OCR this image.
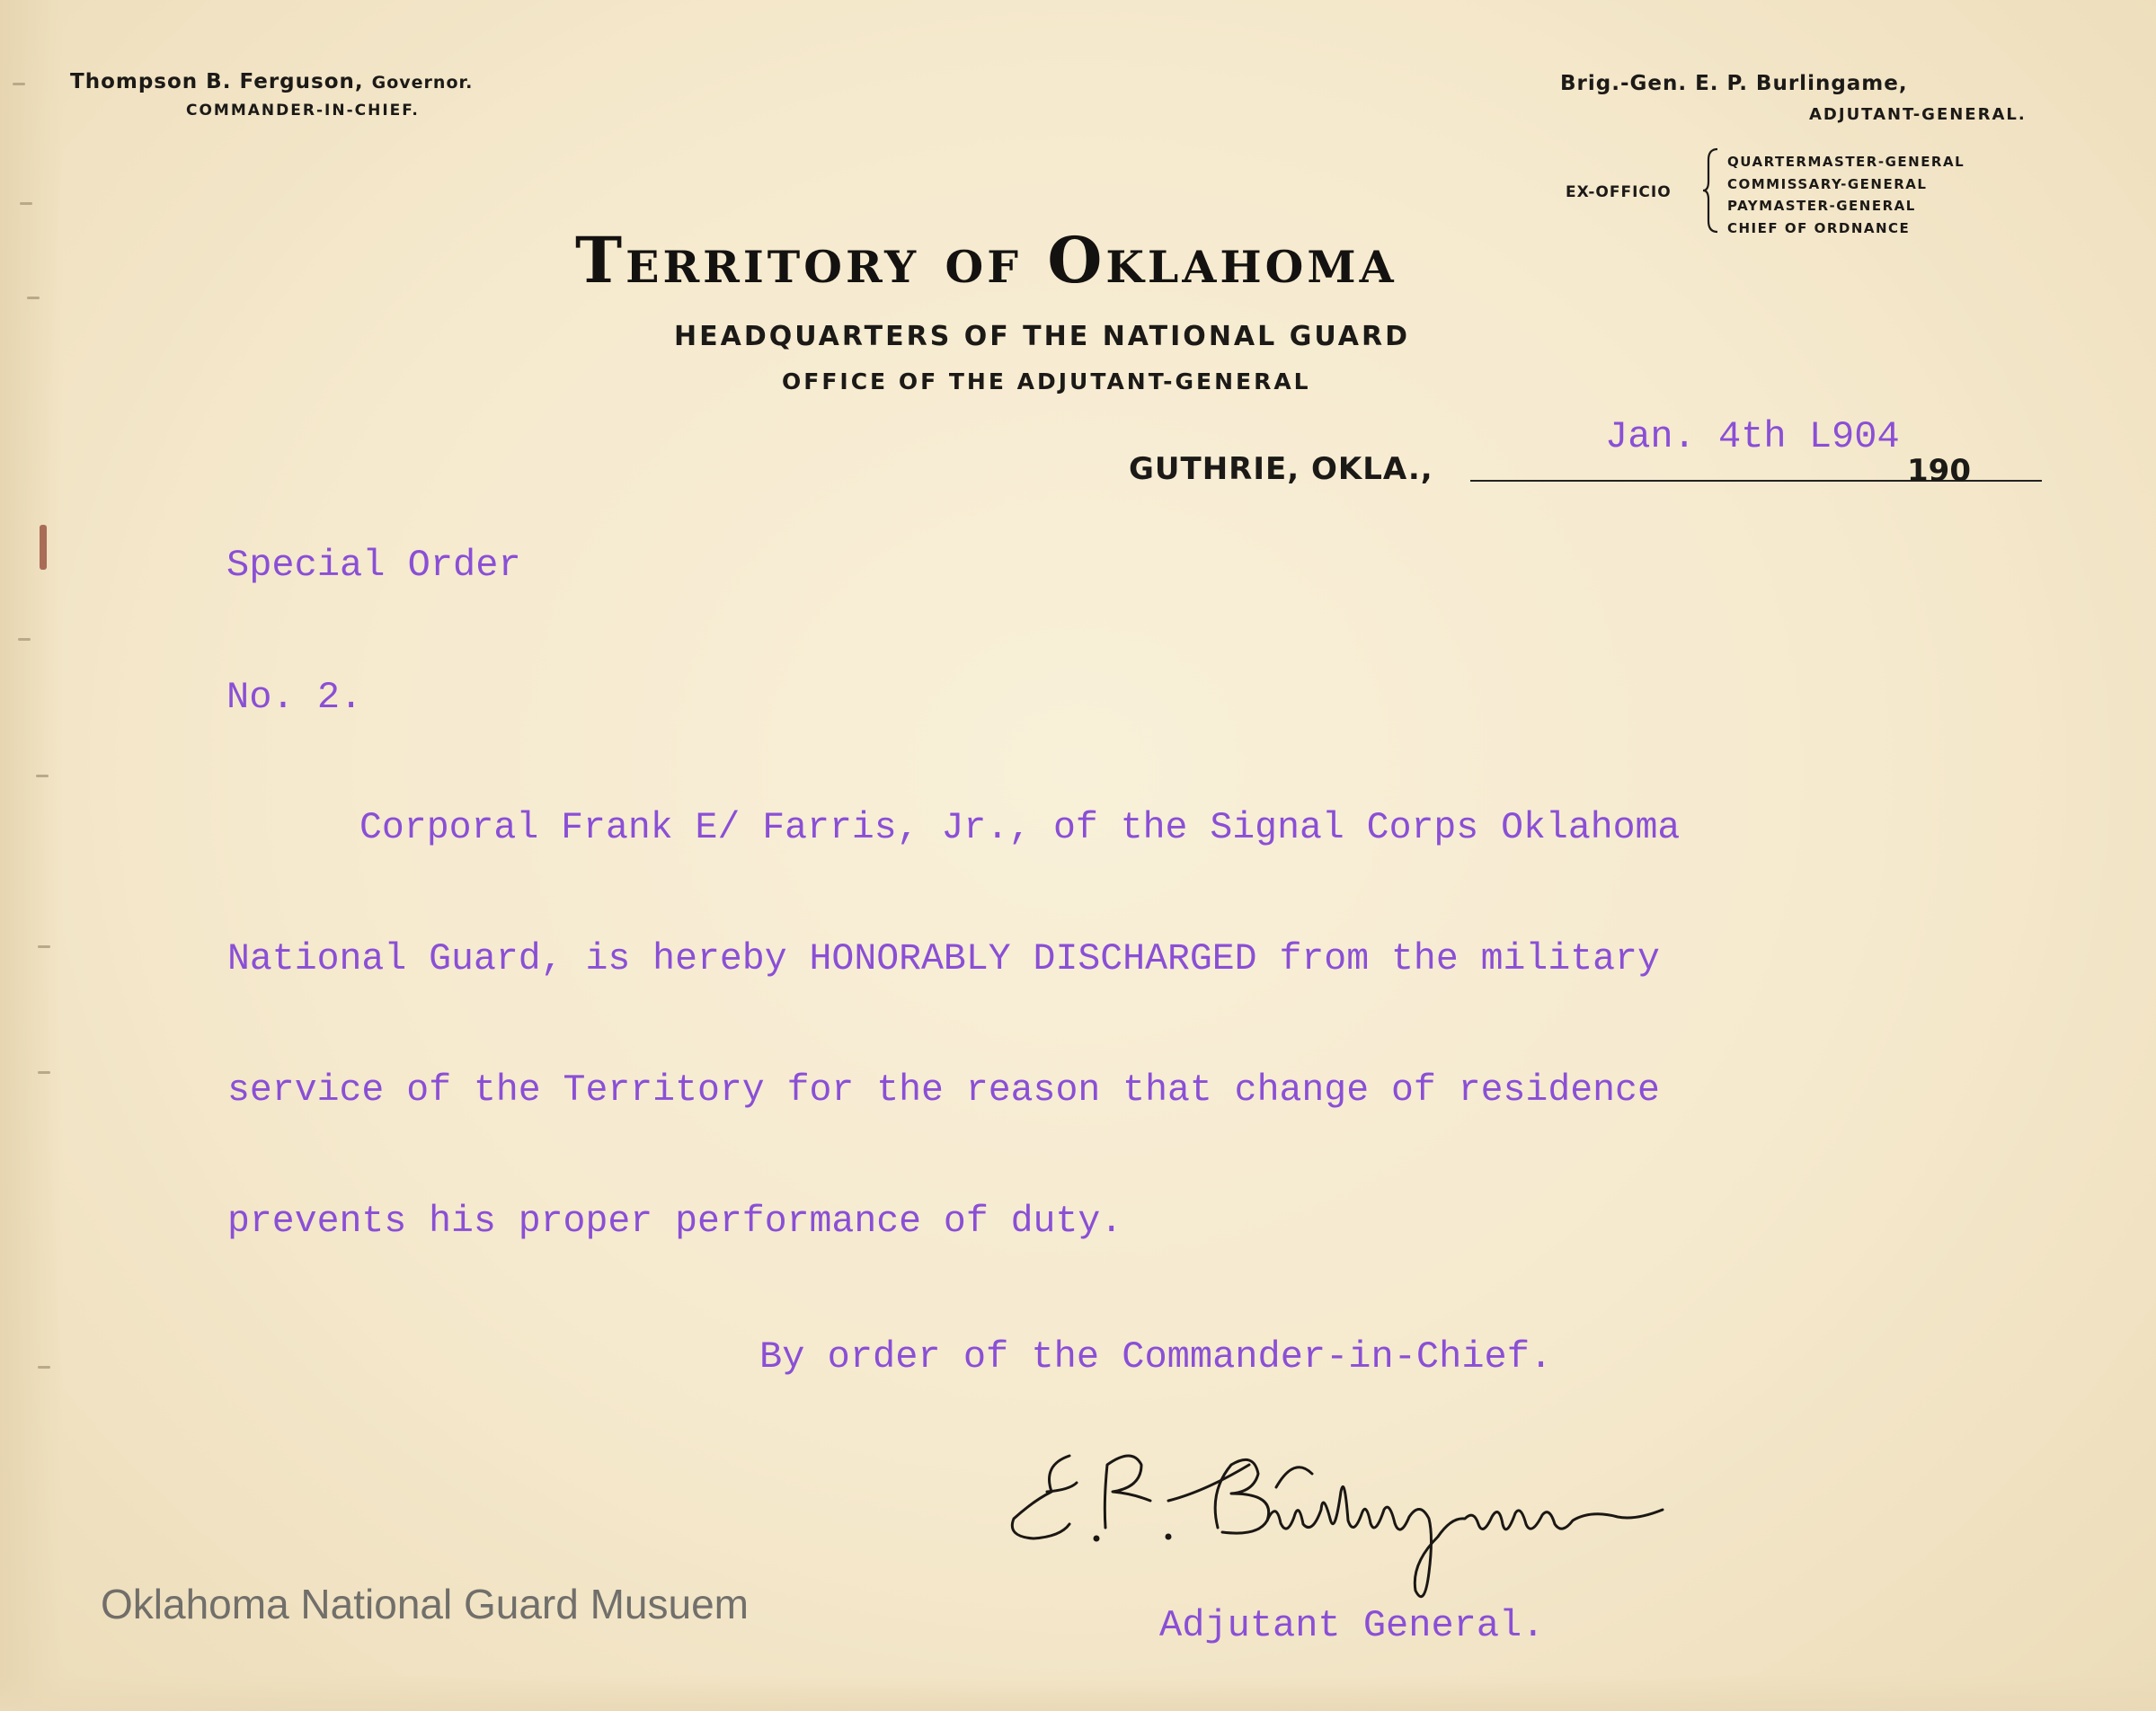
Thompson B. Ferguson, Governor.
COMMANDER-IN-CHIEF.
Brig.-Gen. E. P. Burlingame,
ADJUTANT-GENERAL.
EX-OFFICIO
QUARTERMASTER-GENERAL
COMMISSARY-GENERAL
PAYMASTER-GENERAL
CHIEF OF ORDNANCE
Territory of Oklahoma
HEADQUARTERS OF THE NATIONAL GUARD
OFFICE OF THE ADJUTANT-GENERAL
GUTHRIE, OKLA.,	190
Jan. 4th L904
Special Order
No. 2.
Corporal Frank E/ Farris, Jr., of the Signal Corps Oklahoma
National Guard, is hereby HONORABLY DISCHARGED from the military
service of the Territory for the reason that change of residence
prevents his proper performance of duty.
By order of the Commander-in-Chief.
Adjutant General.
Oklahoma National Guard Musuem
